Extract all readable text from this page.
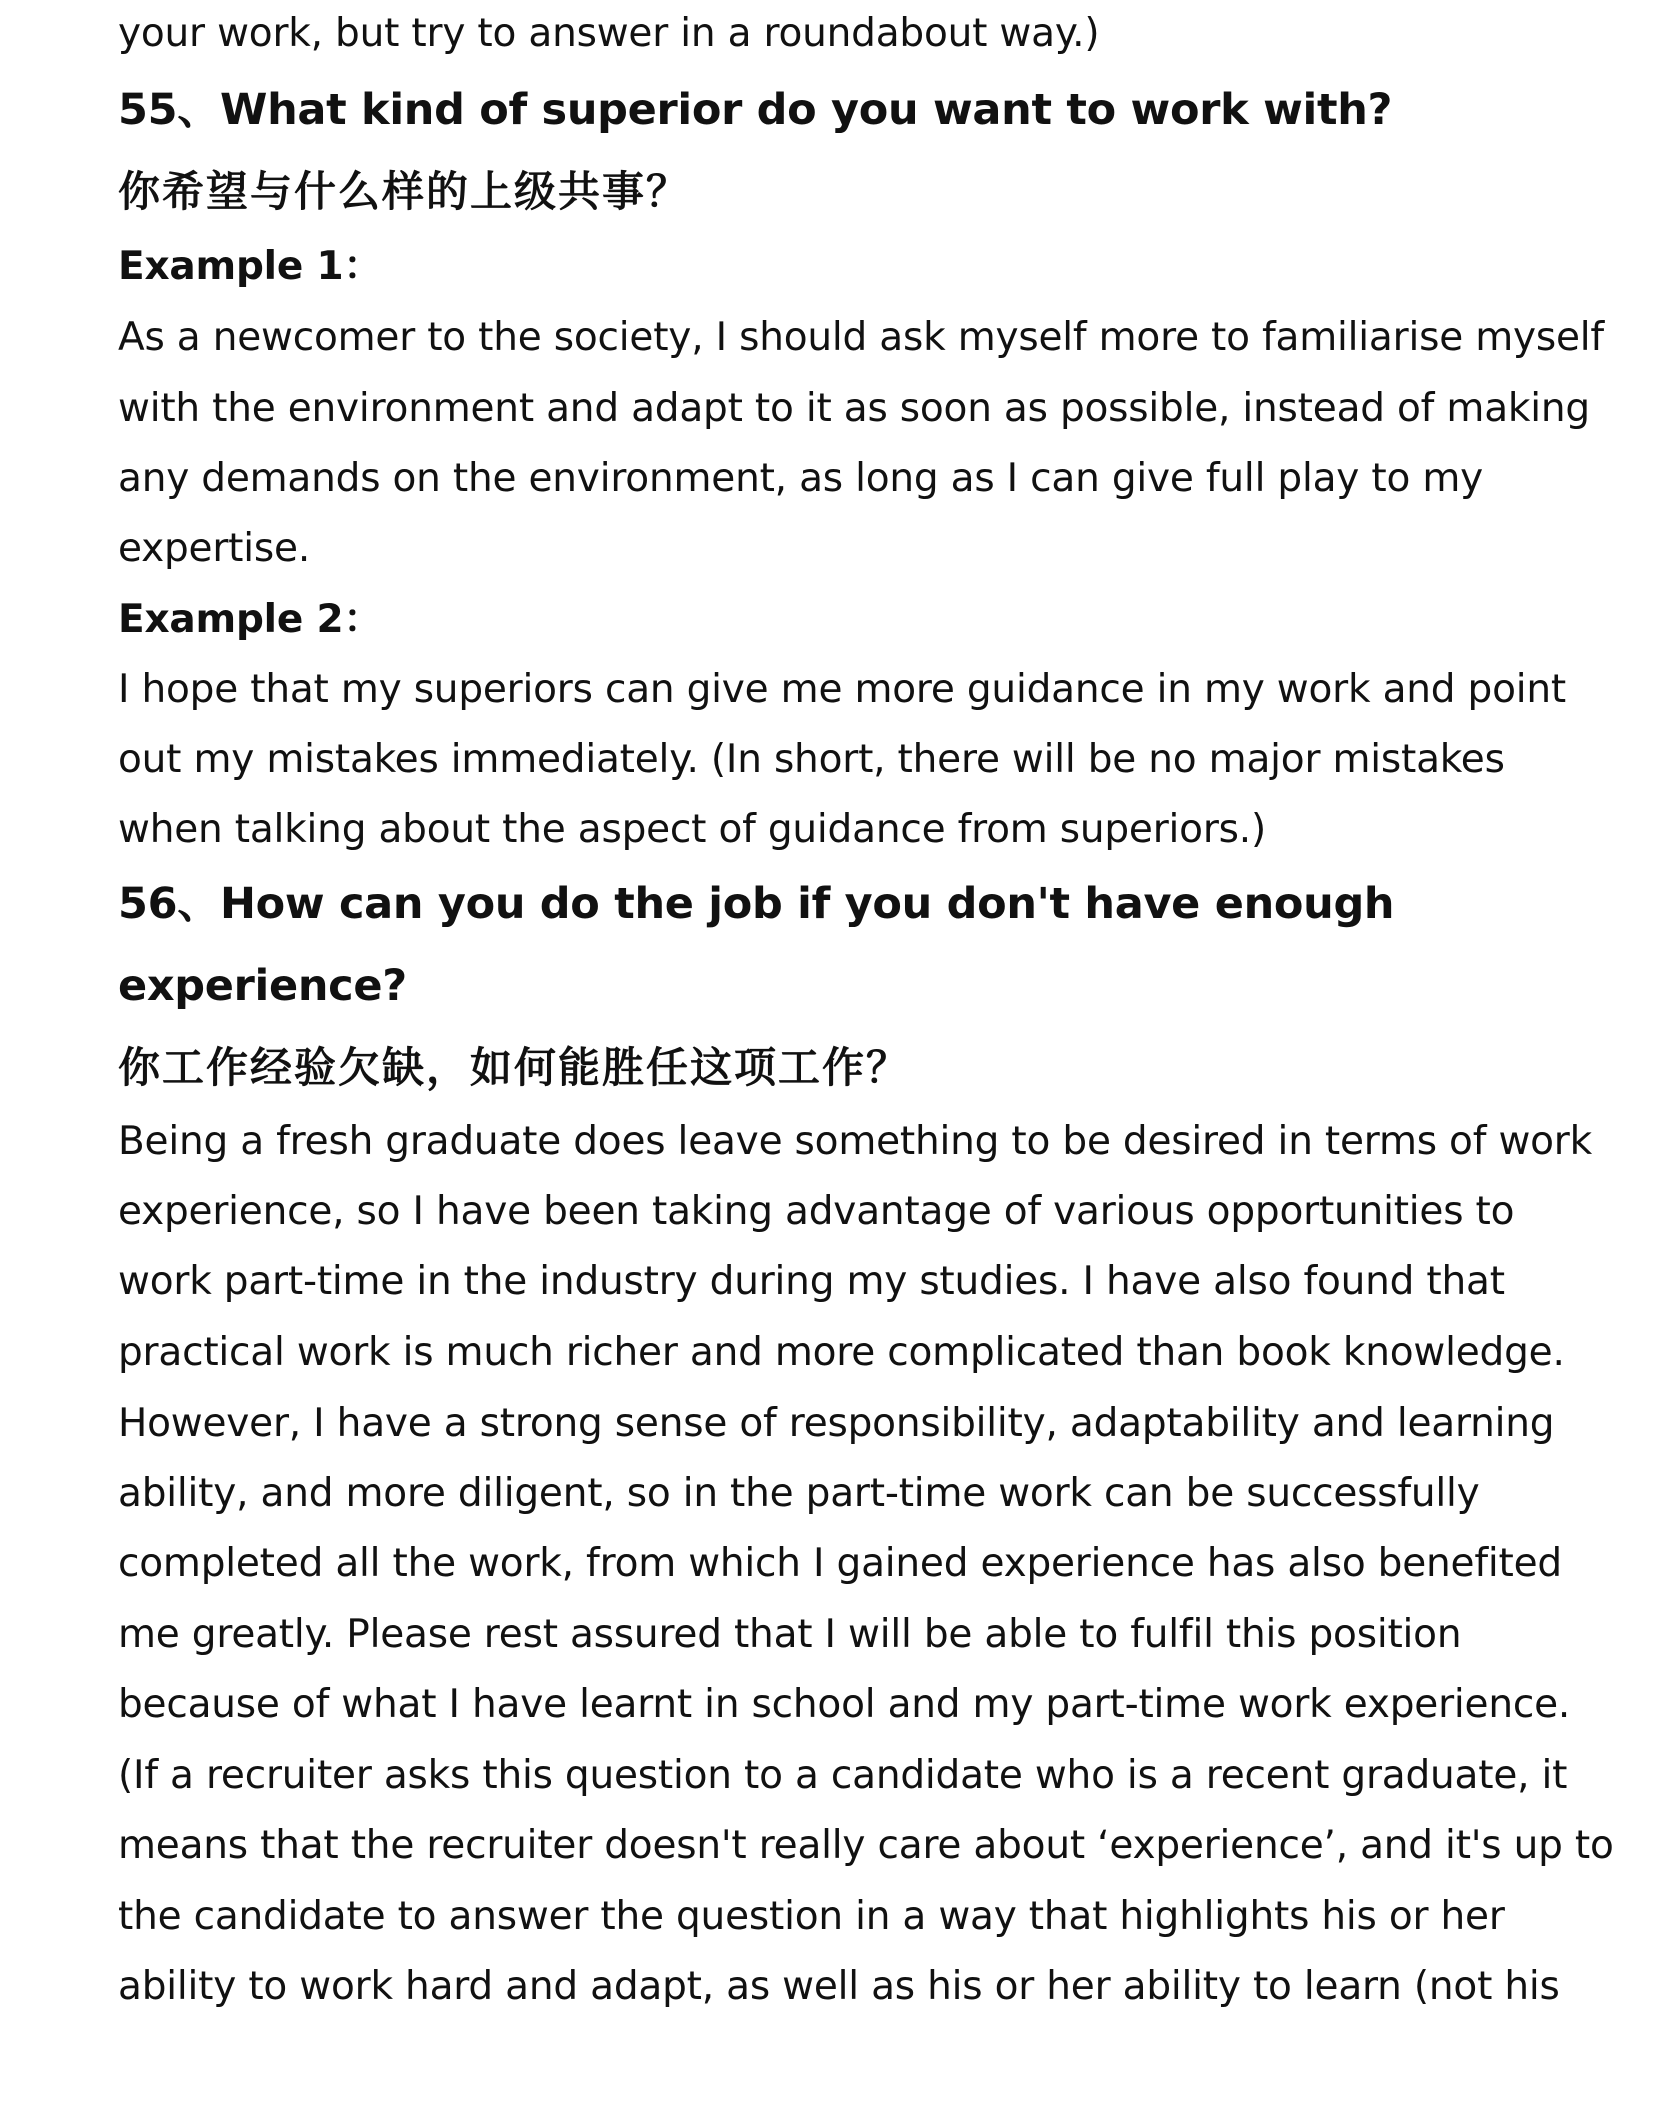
your work, but try to answer in a roundabout way.)
55、What kind of superior do you want to work with?
你希望与什么样的上级共事？
Example 1：
As a newcomer to the society, I should ask myself more to familiarise myself
with the environment and adapt to it as soon as possible, instead of making
any demands on the environment, as long as I can give full play to my
expertise.
Example 2：
I hope that my superiors can give me more guidance in my work and point
out my mistakes immediately. (In short, there will be no major mistakes
when talking about the aspect of guidance from superiors.)
56、How can you do the job if you don't have enough
experience?
你工作经验欠缺，如何能胜任这项工作？
Being a fresh graduate does leave something to be desired in terms of work
experience, so I have been taking advantage of various opportunities to
work part-time in the industry during my studies. I have also found that
practical work is much richer and more complicated than book knowledge.
However, I have a strong sense of responsibility, adaptability and learning
ability, and more diligent, so in the part-time work can be successfully
completed all the work, from which I gained experience has also benefited
me greatly. Please rest assured that I will be able to fulfil this position
because of what I have learnt in school and my part-time work experience.
(If a recruiter asks this question to a candidate who is a recent graduate, it
means that the recruiter doesn't really care about ‘experience’, and it's up to
the candidate to answer the question in a way that highlights his or her
ability to work hard and adapt, as well as his or her ability to learn (not his
